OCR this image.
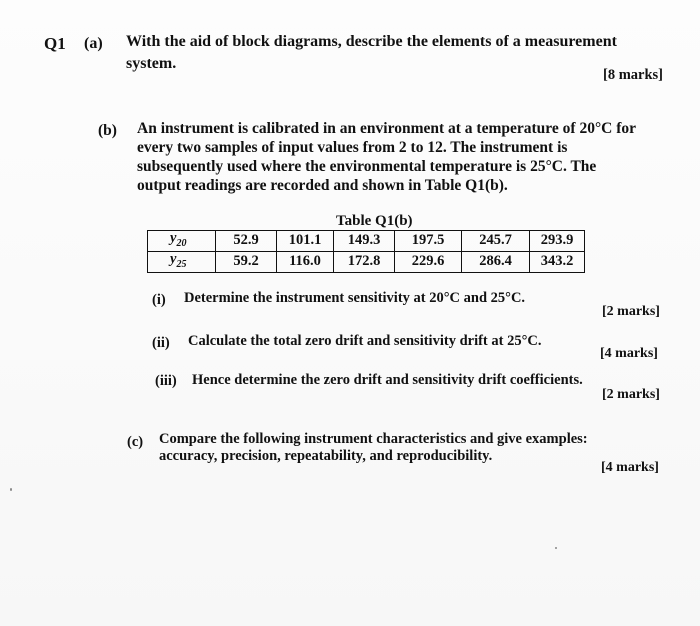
Q1 (a) With the aid of block diagrams, describe the elements of a measurement
system.
[8 marks]
(b) An instrument is calibrated in an environment at a temperature of 20°C for
every two samples of input values from 2 to 12. The instrument is
subsequently used where the environmental temperature is 25°C. The
output readings are recorded and shown in Table Q1(b).
Table Q1(b)
$y_{20}$	52.9	101.1	149.3	197.5	245.7	293.9
$y_{25}$	59.2	116.0	172.8	229.6	286.4	343.2
(i) Determine the instrument sensitivity at 20°C and 25°C.
[2 marks]
(ii) Calculate the total zero drift and sensitivity drift at 25°C.
[4 marks]
(iii) Hence determine the zero drift and sensitivity drift coefficients.
[2 marks]
(c) Compare the following instrument characteristics and give examples:
accuracy, precision, repeatability, and reproducibility.
[4 marks]
